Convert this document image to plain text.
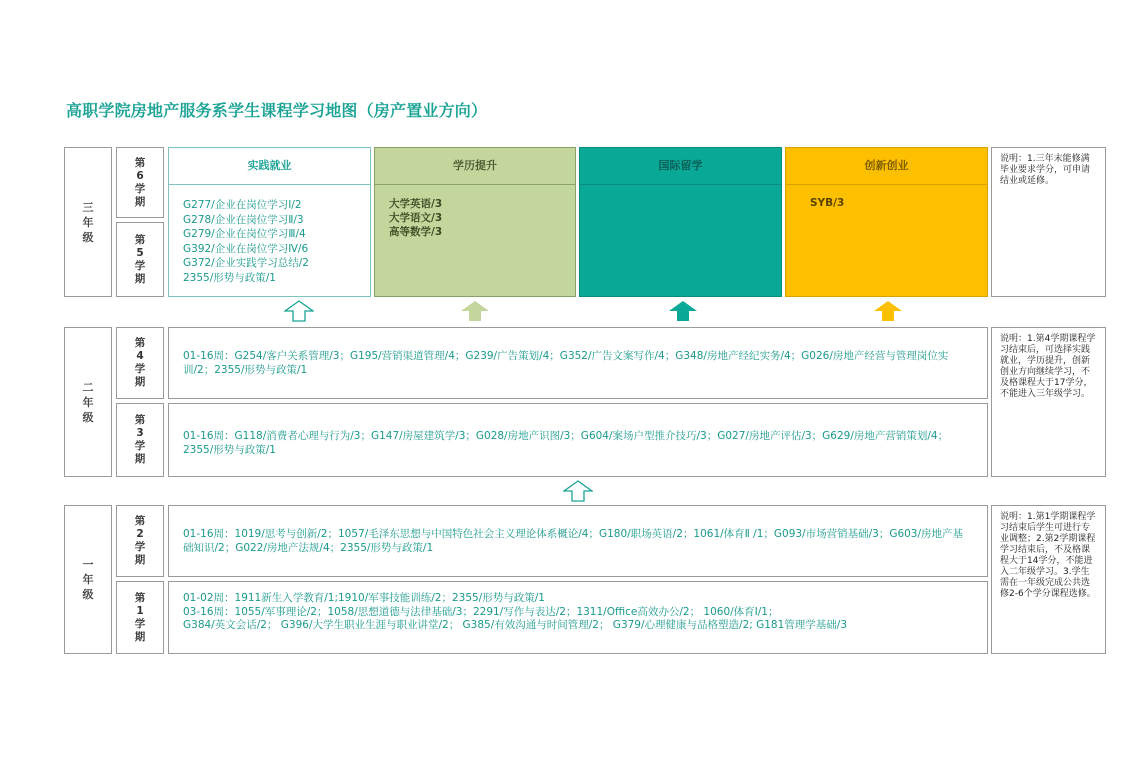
高职学院房地产服务系学生课程学习地图（房产置业方向）
三年级
第6学期
第5学期
实践就业
G277/企业在岗位学习Ⅰ/2
G278/企业在岗位学习Ⅱ/3
G279/企业在岗位学习Ⅲ/4
G392/企业在岗位学习Ⅳ/6
G372/企业实践学习总结/2
2355/形势与政策/1
学历提升
大学英语/3
大学语文/3
高等数学/3
国际留学	创新创业
SYB/3
说明：1.三年末能修满毕业要求学分，可申请结业或延修。
二年级
第4学期
第3学期
01-16周：G254/客户关系管理/3；G195/营销渠道管理/4；G239/广告策划/4；G352/广告文案写作/4；G348/房地产经纪实务/4；G026/房地产经营与管理岗位实训/2；2355/形势与政策/1
01-16周：G118/消费者心理与行为/3；G147/房屋建筑学/3；G028/房地产识图/3；G604/案场户型推介技巧/3；G027/房地产评估/3；G629/房地产营销策划/4；2355/形势与政策/1
说明：1.第4学期课程学习结束后，可选择实践就业，学历提升，创新创业方向继续学习，不及格课程大于17学分，不能进入三年级学习。
一年级
第2学期
第1学期
01-16周：1019/思考与创新/2；1057/毛泽东思想与中国特色社会主义理论体系概论/4；G180/职场英语/2；1061/体育Ⅱ /1；G093/市场营销基础/3；G603/房地产基础知识/2；G022/房地产法规/4；2355/形势与政策/1
01-02周：1911新生入学教育/1;1910/军事技能训练/2；2355/形势与政策/1
03-16周：1055/军事理论/2；1058/思想道德与法律基础/3；2291/写作与表达/2；1311/Office高效办公/2； 1060/体育Ⅰ/1；
G384/英文会话/2； G396/大学生职业生涯与职业讲堂/2； G385/有效沟通与时间管理/2； G379/心理健康与品格塑造/2; G181管理学基础/3
说明：1.第1学期课程学习结束后学生可进行专业调整；2.第2学期课程学习结束后，不及格课程大于14学分，不能进入二年级学习。3.学生需在一年级完成公共选修2-6个学分课程选修。
